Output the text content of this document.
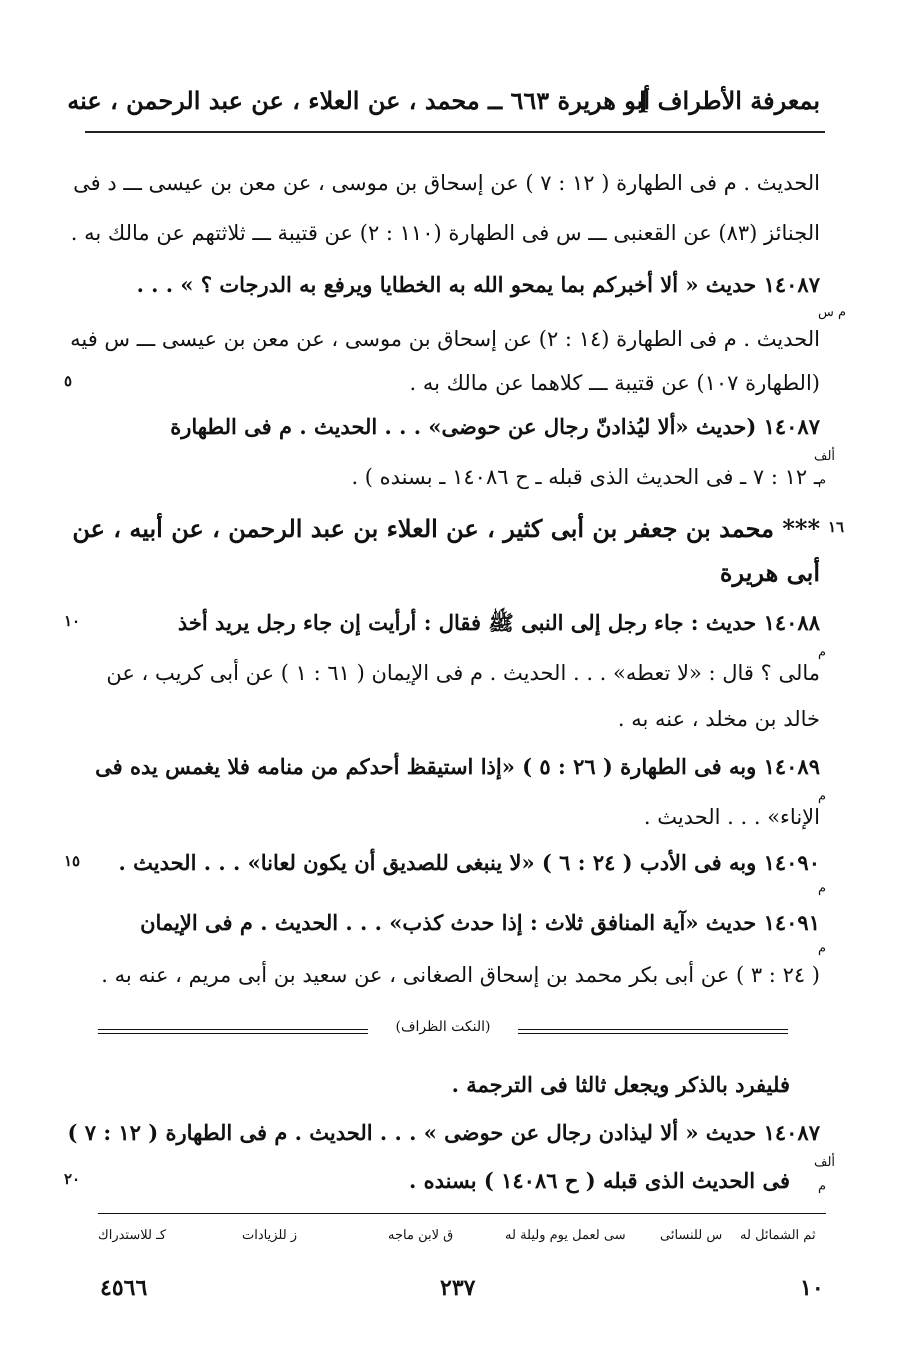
بمعرفة الأطراف ]
أبو هريرة ٦٦٣ ــ محمد ، عن العلاء ، عن عبد الرحمن ، عنه
الحديث . م فى الطهارة ( ١٢ : ٧ ) عن إسحاق بن موسى ، عن معن بن عيسى ـــ د فى
الجنائز (٨٣) عن القعنبى ـــ س فى الطهارة (١١٠ : ٢) عن قتيبة ـــ ثلاثتهم عن مالك به .
١٤٠٨٧ حديث « ألا أخبركم بما يمحو الله به الخطايا ويرفع به الدرجات ؟ » . . .
الحديث . م فى الطهارة (١٤ : ٢) عن إسحاق بن موسى ، عن معن بن عيسى ـــ س فيه
(الطهارة ١٠٧) عن قتيبة ـــ كلاهما عن مالك به .
١٤٠٨٧ (حديث «ألا ليُذادنّ رجال عن حوضى» . . . الحديث . م فى الطهارة
ـ ١٢ : ٧ ـ فى الحديث الذى قبله ـ ح ١٤٠٨٦ ـ بسنده ) .
*** محمد بن جعفر بن أبى كثير ، عن العلاء بن عبد الرحمن ، عن أبيه ، عن
أبى هريرة
١٤٠٨٨ حديث : جاء رجل إلى النبى ﷺ فقال : أرأيت إن جاء رجل يريد أخذ
مالى ؟ قال : «لا تعطه» . . . الحديث . م فى الإيمان ( ٦١ : ١ ) عن أبى كريب ، عن
خالد بن مخلد ، عنه به .
١٤٠٨٩ وبه فى الطهارة ( ٢٦ : ٥ ) «إذا استيقظ أحدكم من منامه فلا يغمس يده فى
الإناء» . . . الحديث .
١٤٠٩٠ وبه فى الأدب ( ٢٤ : ٦ ) «لا ينبغى للصديق أن يكون لعانا» . . . الحديث .
١٤٠٩١ حديث «آية المنافق ثلاث : إذا حدث كذب» . . . الحديث . م فى الإيمان
( ٢٤ : ٣ ) عن أبى بكر محمد بن إسحاق الصغانى ، عن سعيد بن أبى مريم ، عنه به .
(النكت الظراف)
فليفرد بالذكر ويجعل ثالثا فى الترجمة .
١٤٠٨٧ حديث « ألا ليذادن رجال عن حوضى » . . . الحديث . م فى الطهارة ( ١٢ : ٧ )
فى الحديث الذى قبله ( ح ١٤٠٨٦ ) بسنده .
م س
م
ألف
م
م
م
م
م
ألف
٥
١٦
١٠
١٥
٢٠
ثم الشمائل له
س للنسائى
سى لعمل يوم وليلة له
ق لابن ماجه
ز للزيادات
كـ للاستدراك
١٠
٢٣٧
٤٥٦٦
